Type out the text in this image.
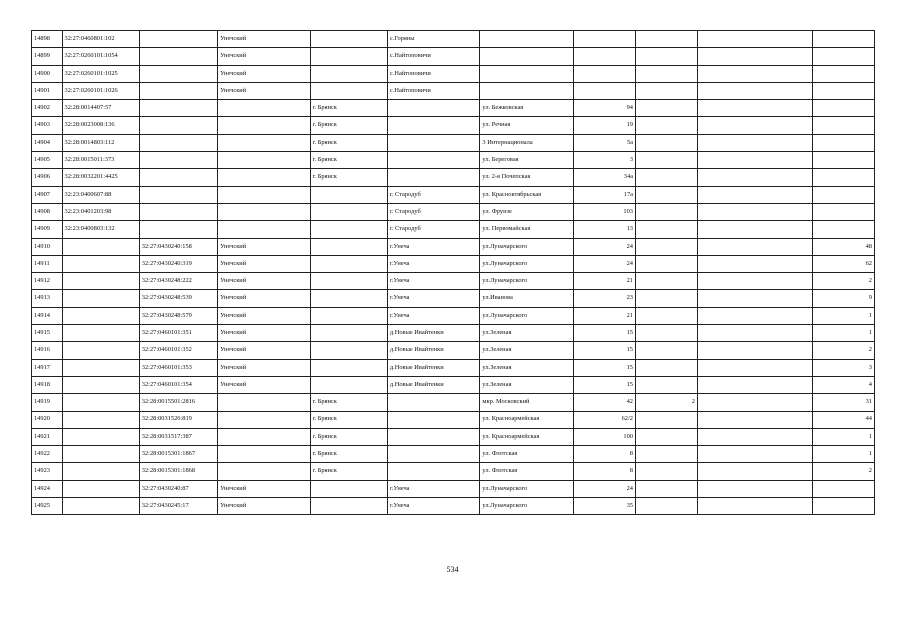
14898	32:27:0460801:102		Унечский		с.Горяны					
14899	32:27:0260101:1054		Унечский		с.Найтоповичи					
14900	32:27:0260101:1025		Унечский		с.Найтоповичи					
14901	32:27:0260101:1026		Унечский		с.Найтоповичи					
14902	32:28:0014407:57			г. Брянск		ул. Бежковская	94			
14903	32:28:0023008:136			г. Брянск		ул. Речная	19			
14904	32:28:0014803:112			г. Брянск		3 Интернационала	5а			
14905	32:28:0015011:373			г. Брянск		ул. Береговая	3			
14906	32:28:0032201:4425			г. Брянск		ул. 2-я Почепская	34а			
14907	32:23:0400607:88				г. Стародуб	ул. Красноктябрьская	17а			
14908	32:23:0401203:98				г. Стародуб	ул. Фрунзе	103			
14909	32:23:0400803:132				г. Стародуб	ул. Первомайская	13			
14910		32:27:0430240:158	Унечский		г.Унеча	ул.Луначарского	24			48
14911		32:27:0430240:319	Унечский		г.Унеча	ул.Луначарского	24			62
14912		32:27:0430248:222	Унечский		г.Унеча	ул.Луначарского	21			2
14913		32:27:0430248:539	Унечский		г.Унеча	ул.Иванова	23			9
14914		32:27:0430248:579	Унечский		г.Унеча	ул.Луначарского	21			1
14915		32:27:0460101:351	Унечский		д.Новые Ивайтенки	ул.Зеленая	15			1
14916		32:27:0460101:352	Унечский		д.Новые Ивайтенки	ул.Зеленая	15			2
14917		32:27:0460101:353	Унечский		д.Новые Ивайтенки	ул.Зеленая	15			3
14918		32:27:0460101:354	Унечский		д.Новые Ивайтенки	ул.Зеленая	15			4
14919		32:28:0015501:2816		г. Брянск		мкр. Московский	42	2		31
14920		32:28:0031526:819		г. Брянск		ул. Красноармейская	62/2			44
14921		32:28:0031517:387		г. Брянск		ул. Красноармейская	100			1
14922		32:28:0015301:1867		г. Брянск		ул. Флотская	8			1
14923		32:28:0015301:1868		г. Брянск		ул. Флотская	8			2
14924		32:27:0430240:87	Унечский		г.Унеча	ул.Луначарского	24			
14925		32:27:0430245:17	Унечский		г.Унеча	ул.Луначарского	35			
534
